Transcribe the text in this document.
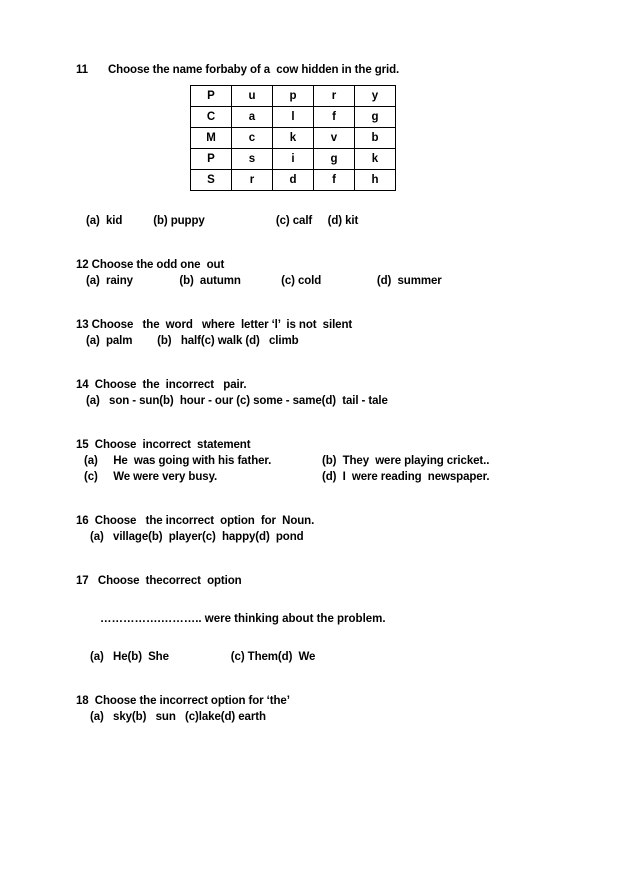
11 Choose the name forbaby of a  cow hidden in the grid.
P	u	p	r	y
C	a	l	f	g
M	c	k	v	b
P	s	i	g	k
S	r	d	f	h
(a)  kid          (b) puppy                       (c) calf     (d) kit
12 Choose the odd one  out
(a)  rainy               (b)  autumn             (c) cold                  (d)  summer
13 Choose   the  word   where  letter ‘l’  is not  silent
(a)  palm        (b)   half(c) walk (d)   climb
14  Choose  the  incorrect   pair.
(a)   son - sun(b)  hour - our (c) some - same(d)  tail - tale
15  Choose  incorrect  statement
(a)     He  was going with his father.	(b)  They  were playing cricket..
(c)     We were very busy.	(d)  I  were reading  newspaper.
16  Choose   the incorrect  option  for  Noun.
(a)   village(b)  player(c)  happy(d)  pond
17   Choose  thecorrect  option
…………….……….. were thinking about the problem.
(a)   He(b)  She                    (c) Them(d)  We
18  Choose the incorrect option for ‘the’
(a)   sky(b)   sun   (c)lake(d) earth
